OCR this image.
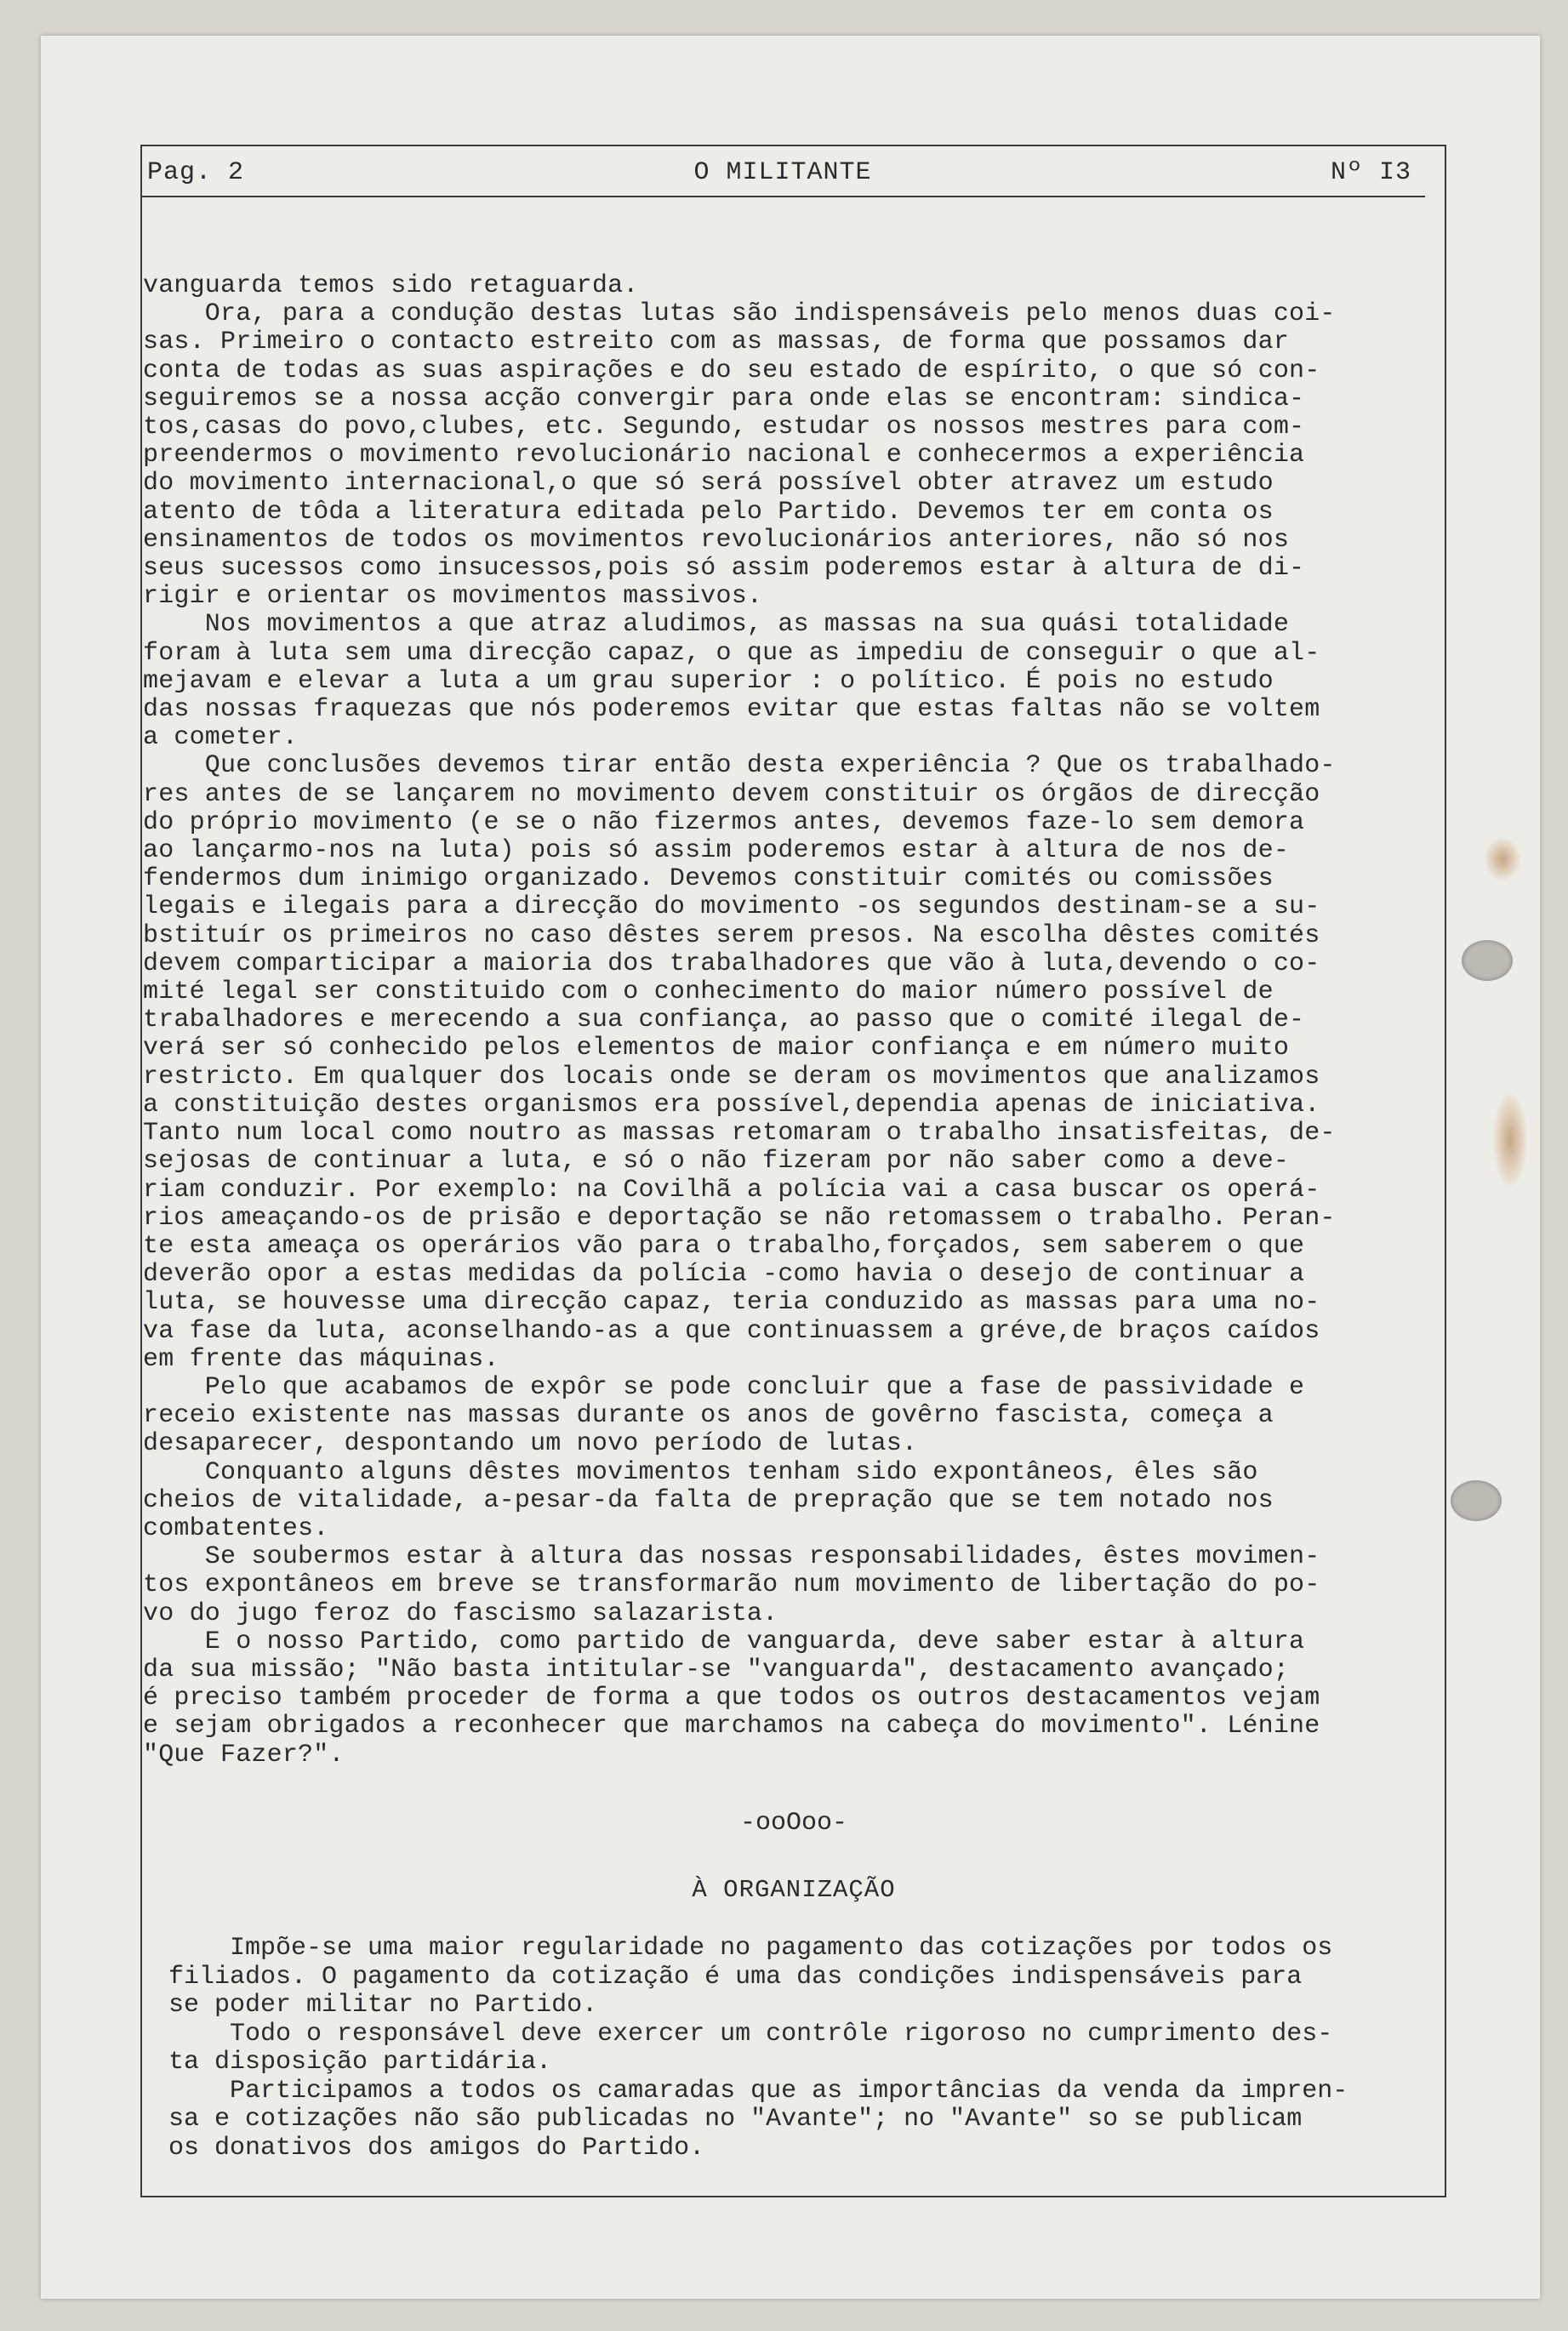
Pag. 2	O MILITANTE	Nº I3
vanguarda temos sido retaguarda.
Ora, para a condução destas lutas são indispensáveis pelo menos duas coi-
sas. Primeiro o contacto estreito com as massas, de forma que possamos dar
conta de todas as suas aspirações e do seu estado de espírito, o que só con-
seguiremos se a nossa acção convergir para onde elas se encontram: sindica-
tos,casas do povo,clubes, etc. Segundo, estudar os nossos mestres para com-
preendermos o movimento revolucionário nacional e conhecermos a experiência
do movimento internacional,o que só será possível obter atravez um estudo
atento de tôda a literatura editada pelo Partido. Devemos ter em conta os
ensinamentos de todos os movimentos revolucionários anteriores, não só nos
seus sucessos como insucessos,pois só assim poderemos estar à altura de di-
rigir e orientar os movimentos massivos.
Nos movimentos a que atraz aludimos, as massas na sua quási totalidade
foram à luta sem uma direcção capaz, o que as impediu de conseguir o que al-
mejavam e elevar a luta a um grau superior : o político. É pois no estudo
das nossas fraquezas que nós poderemos evitar que estas faltas não se voltem
a cometer.
Que conclusões devemos tirar então desta experiência ? Que os trabalhado-
res antes de se lançarem no movimento devem constituir os órgãos de direcção
do próprio movimento (e se o não fizermos antes, devemos faze-lo sem demora
ao lançarmo-nos na luta) pois só assim poderemos estar à altura de nos de-
fendermos dum inimigo organizado. Devemos constituir comités ou comissões
legais e ilegais para a direcção do movimento -os segundos destinam-se a su-
bstituír os primeiros no caso dêstes serem presos. Na escolha dêstes comités
devem comparticipar a maioria dos trabalhadores que vão à luta,devendo o co-
mité legal ser constituido com o conhecimento do maior número possível de
trabalhadores e merecendo a sua confiança, ao passo que o comité ilegal de-
verá ser só conhecido pelos elementos de maior confiança e em número muito
restricto. Em qualquer dos locais onde se deram os movimentos que analizamos
a constituição destes organismos era possível,dependia apenas de iniciativa.
Tanto num local como noutro as massas retomaram o trabalho insatisfeitas, de-
sejosas de continuar a luta, e só o não fizeram por não saber como a deve-
riam conduzir. Por exemplo: na Covilhã a polícia vai a casa buscar os operá-
rios ameaçando-os de prisão e deportação se não retomassem o trabalho. Peran-
te esta ameaça os operários vão para o trabalho,forçados, sem saberem o que
deverão opor a estas medidas da polícia -como havia o desejo de continuar a
luta, se houvesse uma direcção capaz, teria conduzido as massas para uma no-
va fase da luta, aconselhando-as a que continuassem a gréve,de braços caídos
em frente das máquinas.
Pelo que acabamos de expôr se pode concluir que a fase de passividade e
receio existente nas massas durante os anos de govêrno fascista, começa a
desaparecer, despontando um novo período de lutas.
Conquanto alguns dêstes movimentos tenham sido expontâneos, êles são
cheios de vitalidade, a-pesar-da falta de prepração que se tem notado nos
combatentes.
Se soubermos estar à altura das nossas responsabilidades, êstes movimen-
tos expontâneos em breve se transformarão num movimento de libertação do po-
vo do jugo feroz do fascismo salazarista.
E o nosso Partido, como partido de vanguarda, deve saber estar à altura
da sua missão; "Não basta intitular-se "vanguarda", destacamento avançado;
é preciso também proceder de forma a que todos os outros destacamentos vejam
e sejam obrigados a reconhecer que marchamos na cabeça do movimento". Lénine
"Que Fazer?".
-ooOoo-
À ORGANIZAÇÃO
Impõe-se uma maior regularidade no pagamento das cotizações por todos os
filiados. O pagamento da cotização é uma das condições indispensáveis para
se poder militar no Partido.
Todo o responsável deve exercer um contrôle rigoroso no cumprimento des-
ta disposição partidária.
Participamos a todos os camaradas que as importâncias da venda da impren-
sa e cotizações não são publicadas no "Avante"; no "Avante" so se publicam
os donativos dos amigos do Partido.
